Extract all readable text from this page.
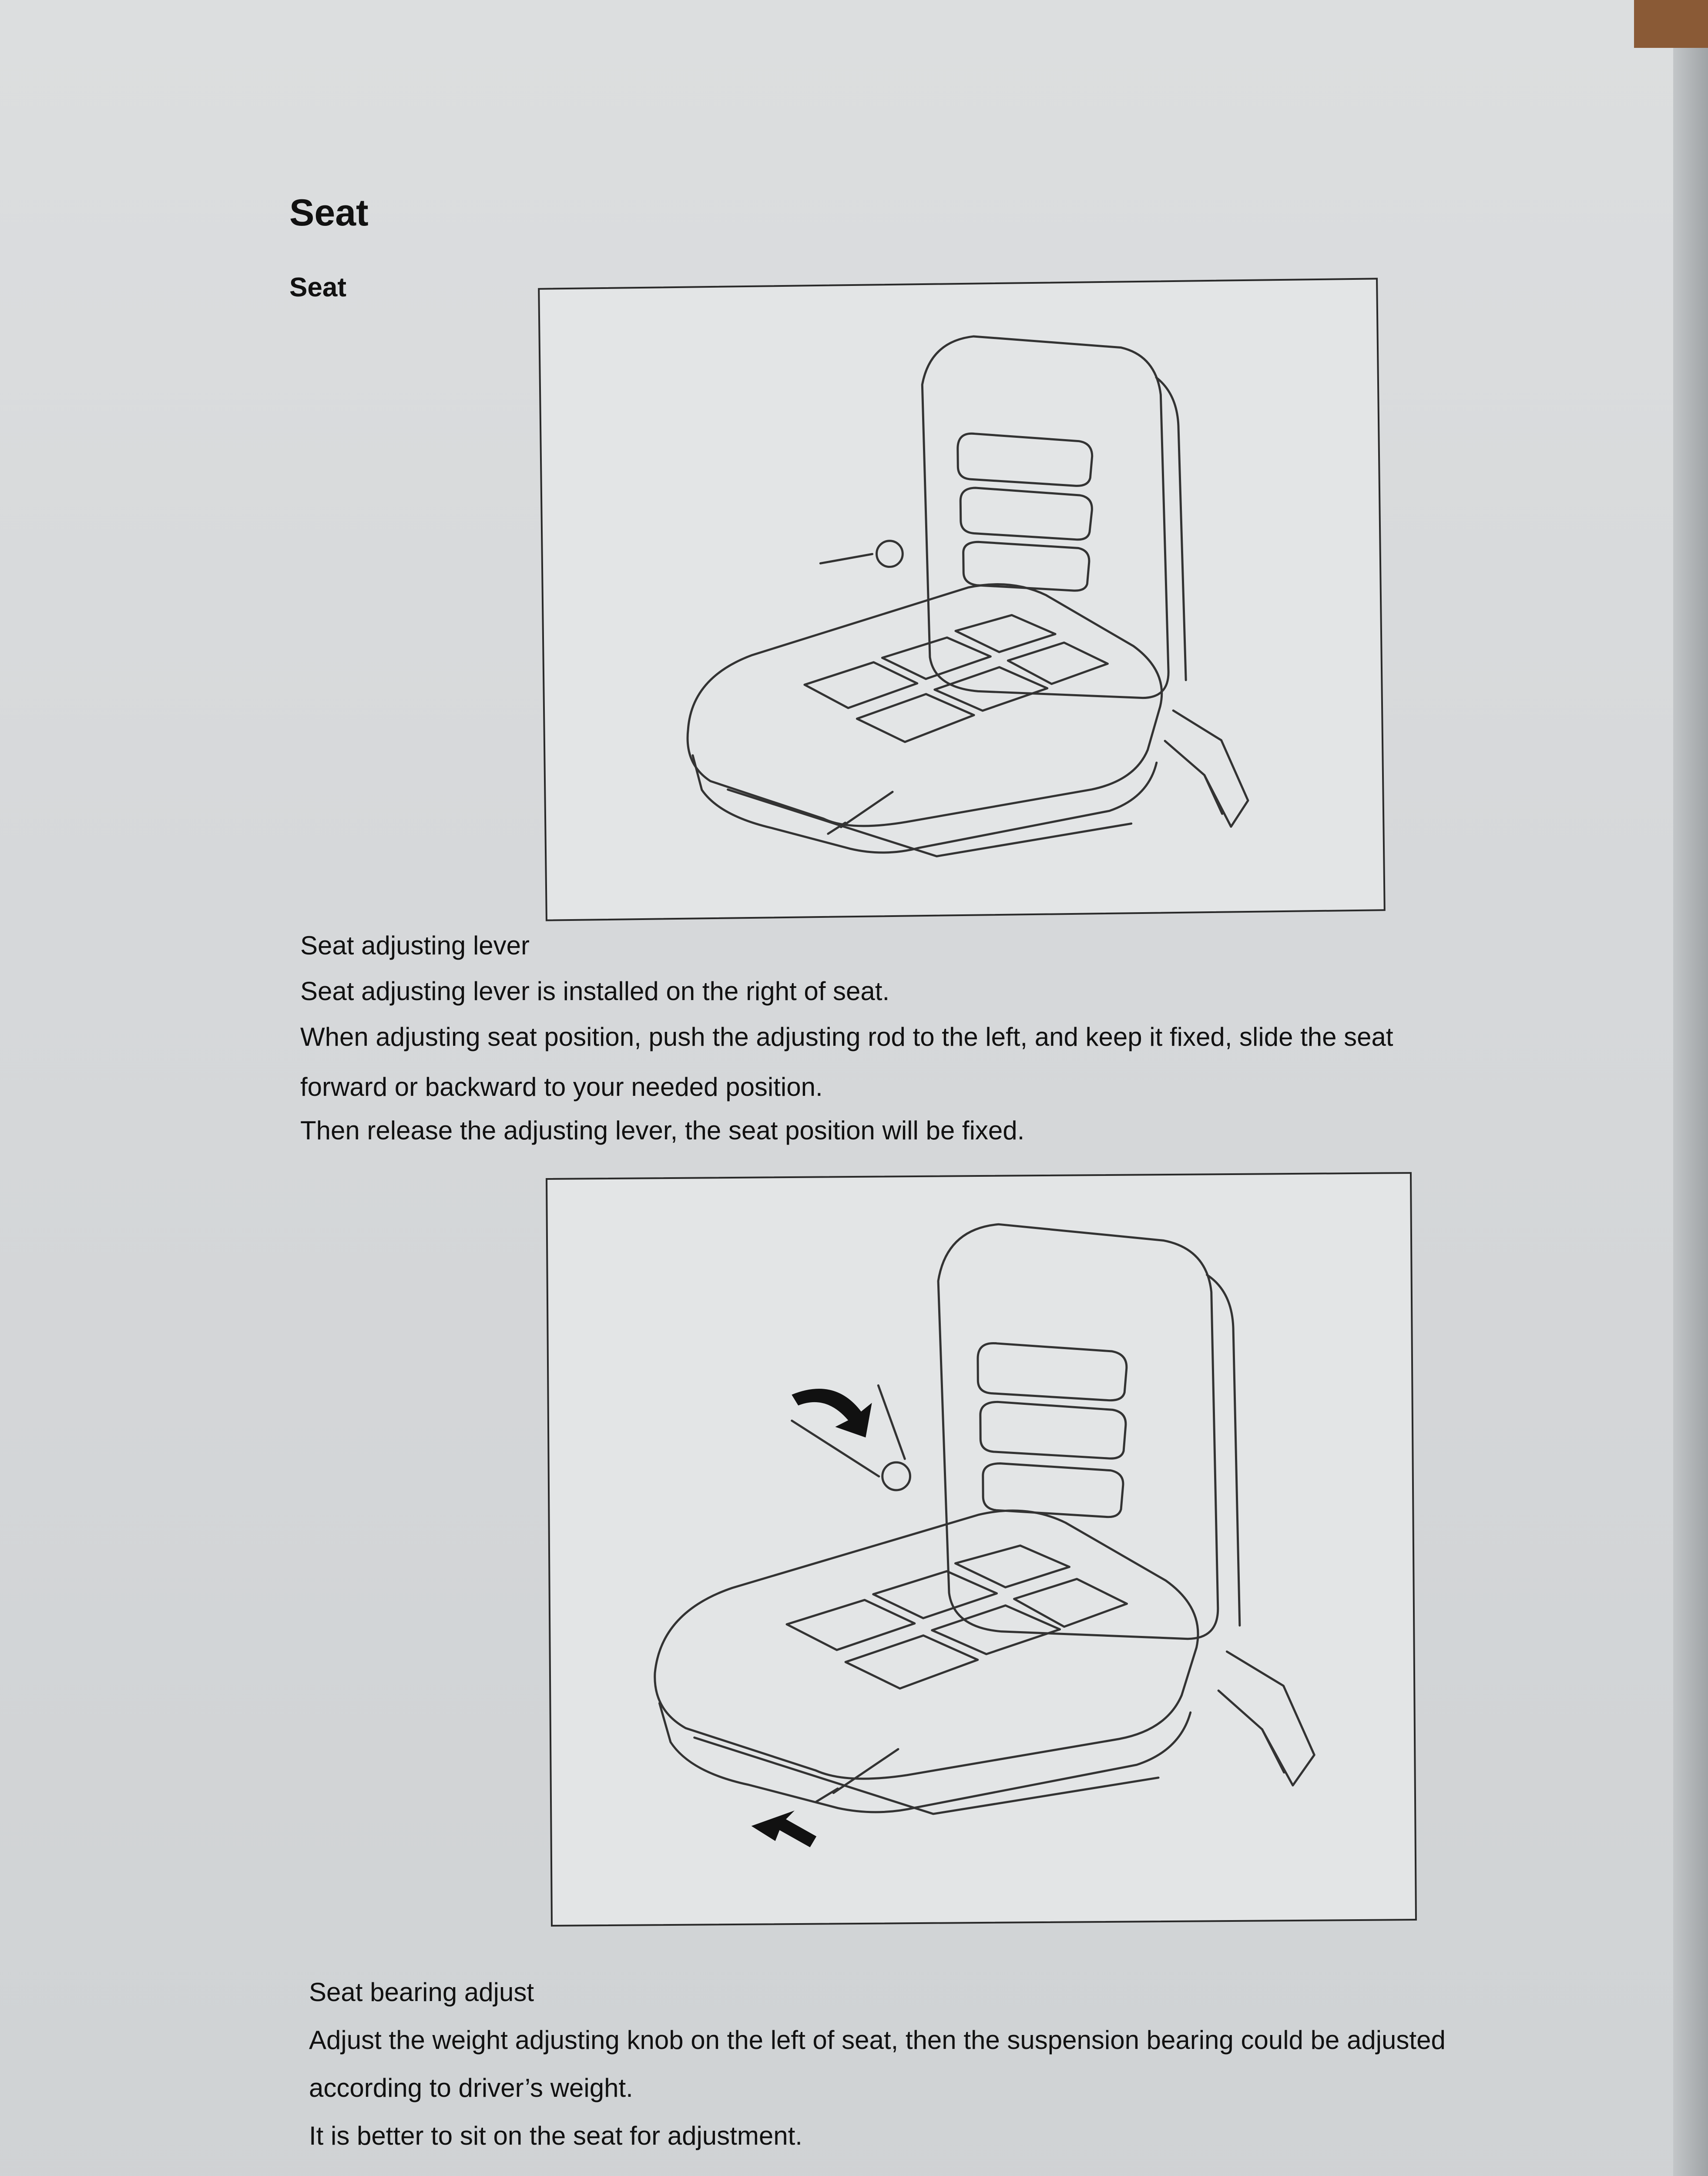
Seat
Seat
Seat adjusting lever
Seat adjusting lever is installed on the right of seat.
When adjusting seat position, push the adjusting rod to the left, and keep it fixed, slide the seat
forward or backward to your needed position.
Then release the adjusting lever, the seat position will be fixed.
Seat bearing adjust
Adjust the weight adjusting knob on the left of seat, then the suspension bearing could be adjusted
according to driver’s weight.
It is better to sit on the seat for adjustment.
